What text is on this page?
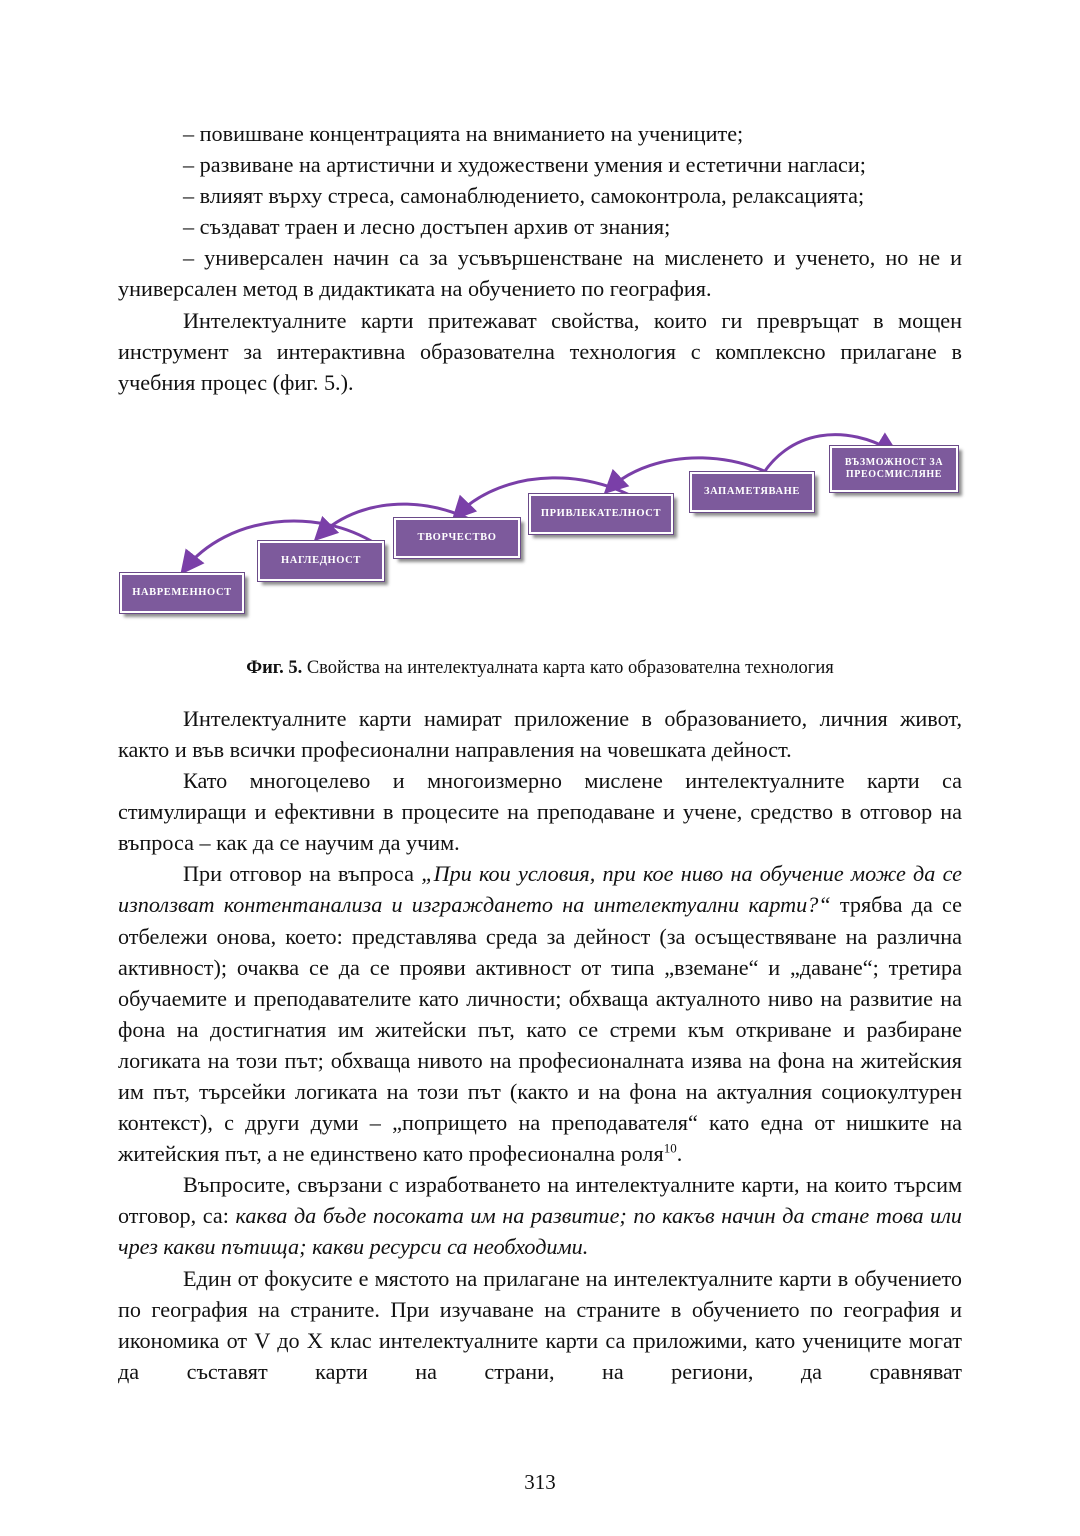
– повишване концентрацията на вниманието на учениците;

– развиване на артистични и художествени умения и естетични нагласи;

– влияят върху стреса, самонаблюдението, самоконтрола, релаксацията;

– създават траен и лесно достъпен архив от знания;

– универсален начин са за усъвършенстване на мисленето и ученето, но не и универсален метод в дидактиката на обучението по география.

Интелектуалните карти притежават свойства, които ги превръщат в мощен инструмент за интерактивна образователна технология с комплексно прилагане в учебния процес (фиг. 5.).

НАВРЕМЕННОСТ
НАГЛЕДНОСТ
ТВОРЧЕСТВО
ПРИВЛЕКАТЕЛНОСТ
ЗАПАМЕТЯВАНЕ
ВЪЗМОЖНОСТ ЗА ПРЕОСМИСЛЯНЕ
Фиг. 5. Свойства на интелектуалната карта като образователна технология

Интелектуалните карти намират приложение в образованието, личния живот, както и във всички професионални направления на човешката дейност.

Като многоцелево и многоизмерно мислене интелектуалните карти са стимулиращи и ефективни в процесите на преподаване и учене, средство в отговор на въпроса – как да се научим да учим.

При отговор на въпроса „При кои условия, при кое ниво на обучение може да се използват контентанализа и изграждането на интелектуални карти?“ трябва да се отбележи онова, което: представлява среда за дейност (за осъществяване на различна активност); очаква се да се прояви активност от типа „вземане“ и „даване“; третира обучаемите и преподавателите като личности; обхваща актуалното ниво на развитие на фона на достигнатия им житейски път, като се стреми към откриване и разбиране логиката на този път; обхваща нивото на професионалната изява на фона на житейския им път, търсейки логиката на този път (както и на фона на актуалния социокултурен контекст), с други думи – „попрището на преподавателя“ като една от нишките на житейския път, а не единствено като професионална роля$^{10}$.

Въпросите, свързани с изработването на интелектуалните карти, на които търсим отговор, са: каква да бъде посоката им на развитие; по какъв начин да стане това или чрез какви пътища; какви ресурси са необходими.

Един от фокусите е мястото на прилагане на интелектуалните карти в обучението по география на страните. При изучаване на страните в обучението по география и икономика от V до X клас интелектуалните карти са приложими, като учениците могат да съставят карти на страни, на региони, да сравняват

313
